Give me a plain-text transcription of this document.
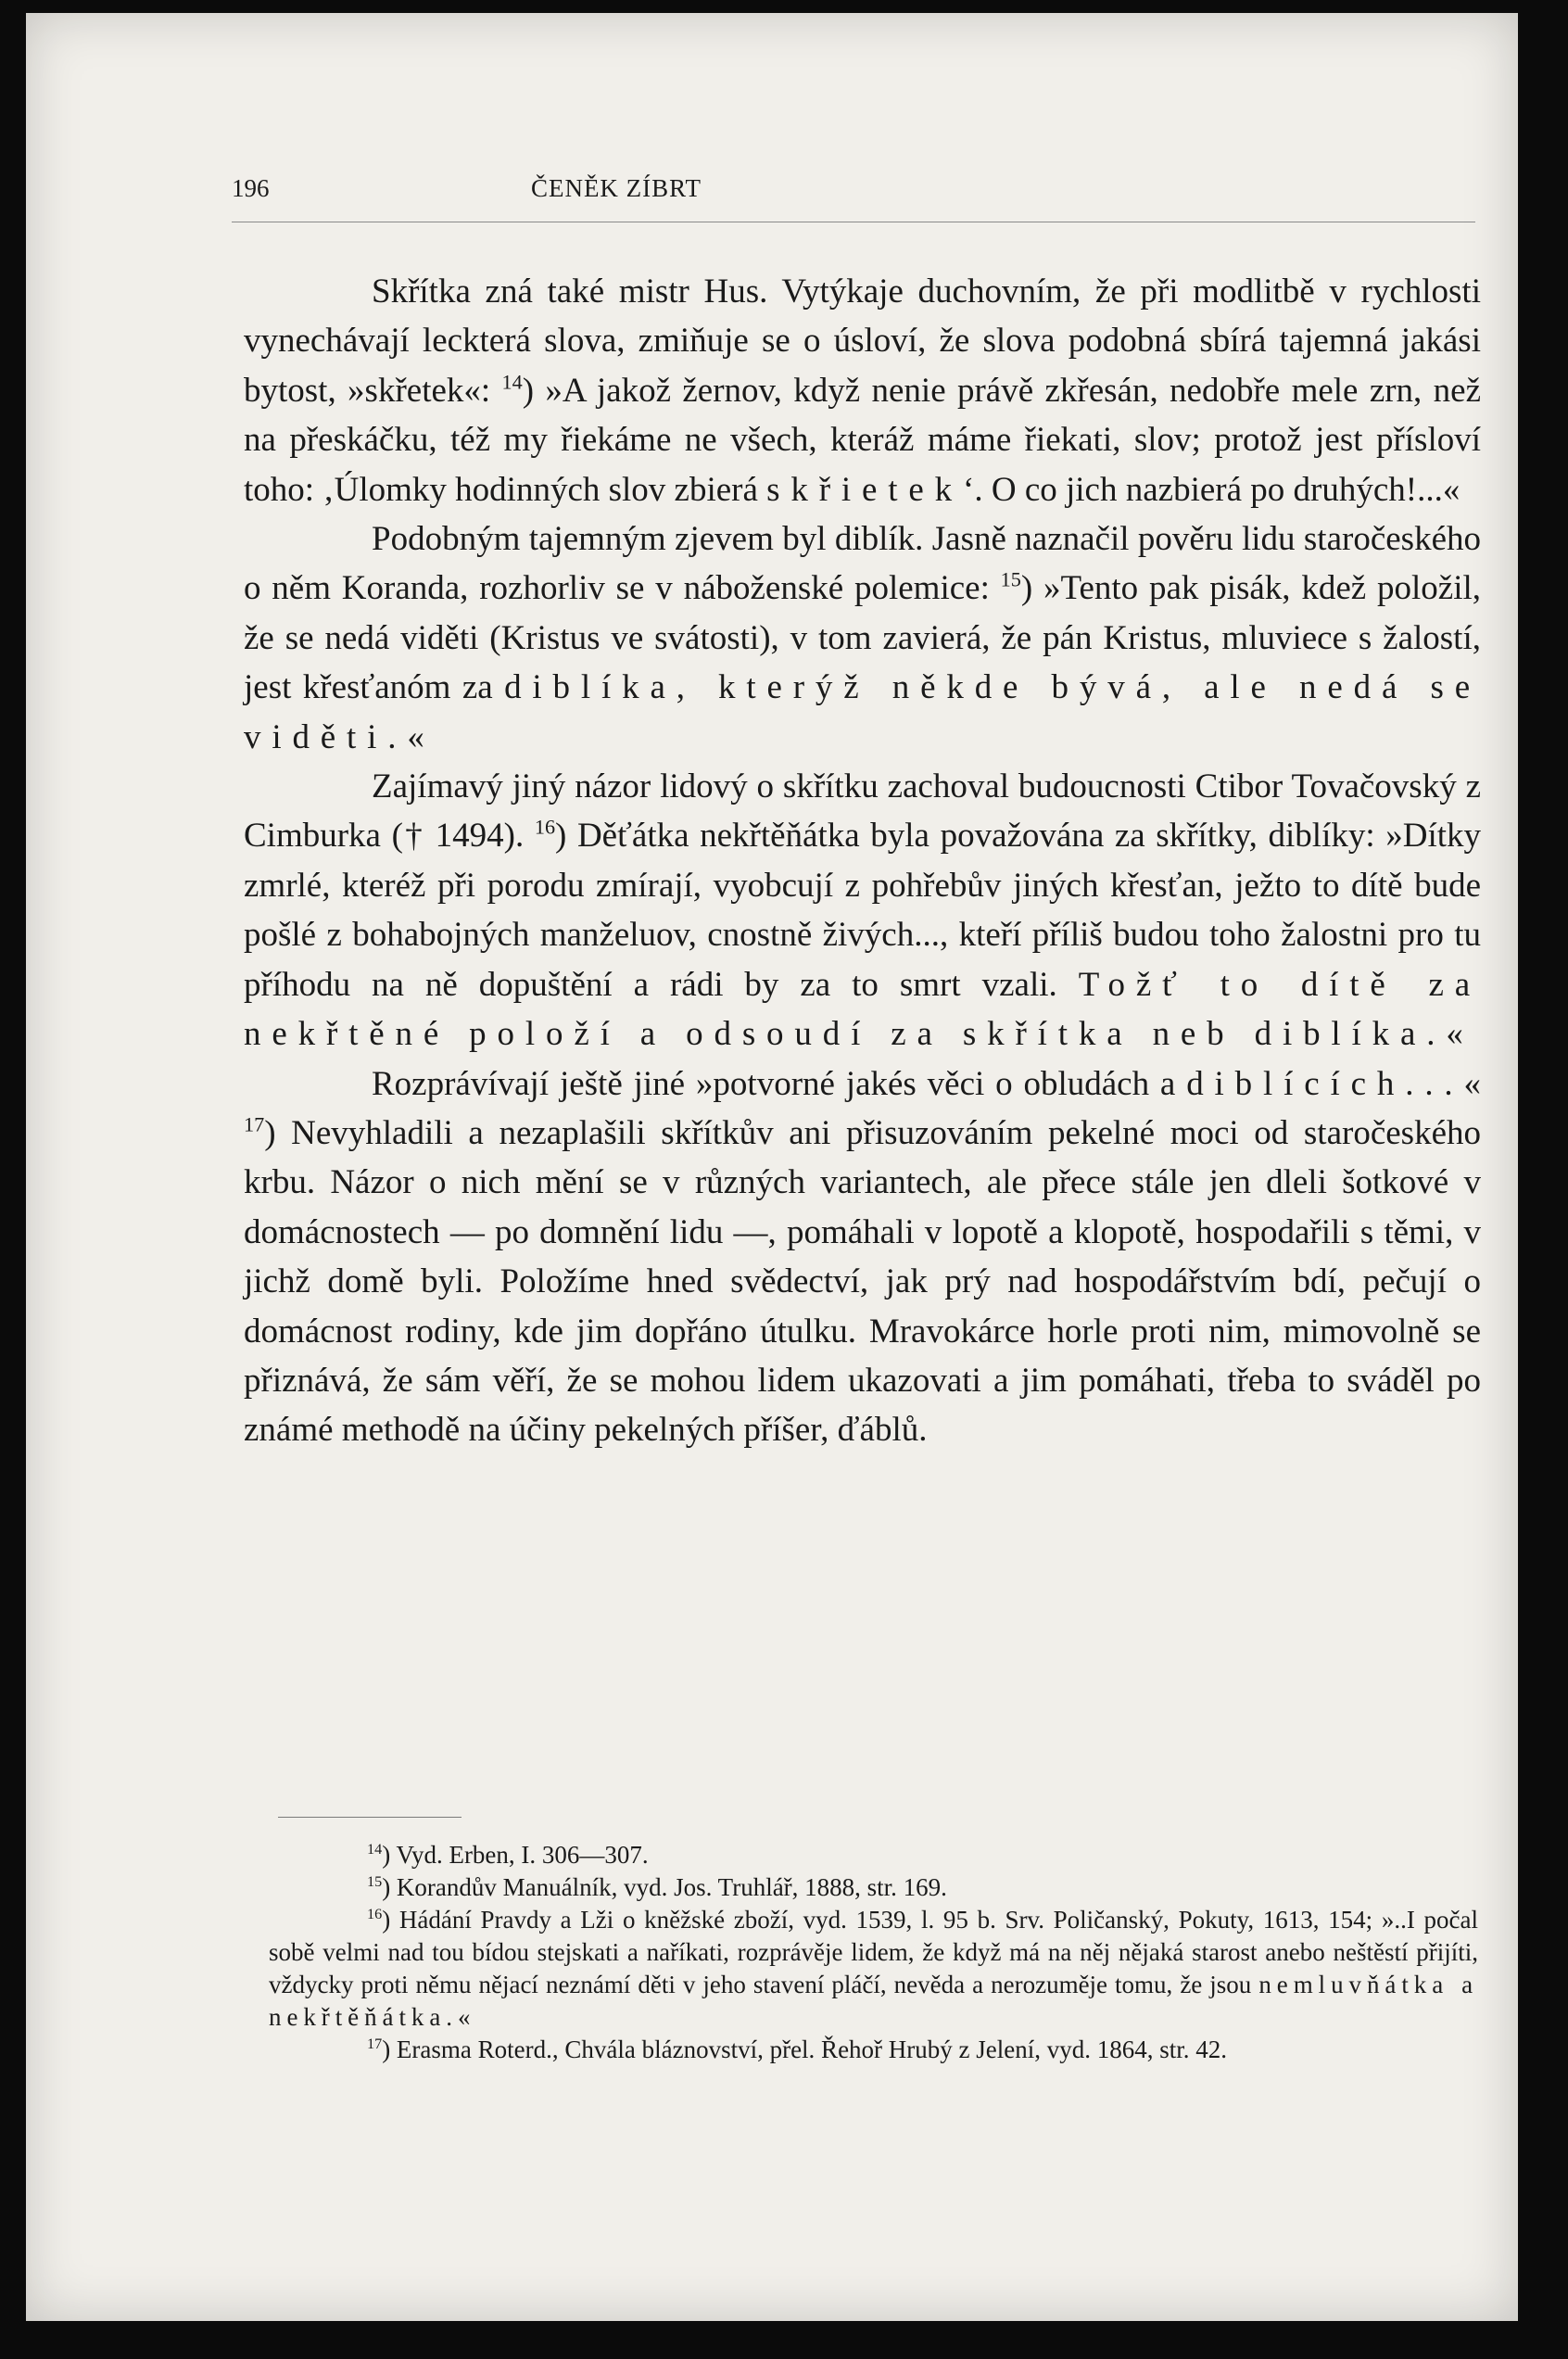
196	ČENĚK ZÍBRT

Skřítka zná také mistr Hus. Vytýkaje duchovním, že při modlitbě v rychlosti vynechávají leckterá slova, zmiňuje se o úsloví, že slova podobná sbírá tajemná jakási bytost, »skřetek«: $^{14}$) »A jakož žernov, když nenie právě zkřesán, nedobře mele zrn, než na přeskáčku, též my řiekáme ne všech, kteráž máme řiekati, slov; protož jest přísloví toho: ‚Úlomky hodinných slov zbierá skřietek‘. O co jich nazbierá po druhých!...«

Podobným tajemným zjevem byl diblík. Jasně naznačil pověru lidu staročeského o něm Koranda, rozhorliv se v náboženské polemice: $^{15}$) »Tento pak pisák, kdež položil, že se nedá viděti (Kristus ve svátosti), v tom zavierá, že pán Kristus, mluviece s žalostí, jest křesťanóm za diblíka, kterýž někde bývá, ale nedá se viděti.«

Zajímavý jiný názor lidový o skřítku zachoval budoucnosti Ctibor Tovačovský z Cimburka († 1494). $^{16}$) Děťátka nekřtěňátka byla považována za skřítky, diblíky: »Dítky zmrlé, kteréž při porodu zmírají, vyobcují z pohřebův jiných křesťan, ježto to dítě bude pošlé z bohabojných manželuov, cnostně živých..., kteří příliš budou toho žalostni pro tu příhodu na ně dopuštění a rádi by za to smrt vzali. Tožť to dítě za nekřtěné položí a odsoudí za skřítka neb diblíka.«

Rozprávívají ještě jiné »potvorné jakés věci o obludách a diblících...« $^{17}$) Nevyhladili a nezaplašili skřítkův ani přisuzováním pekelné moci od staročeského krbu. Názor o nich mění se v různých variantech, ale přece stále jen dleli šotkové v domácnostech — po domnění lidu —, pomáhali v lopotě a klopotě, hospodařili s těmi, v jichž domě byli. Položíme hned svědectví, jak prý nad hospodářstvím bdí, pečují o domácnost rodiny, kde jim dopřáno útulku. Mravokárce horle proti nim, mimovolně se přiznává, že sám věří, že se mohou lidem ukazovati a jim pomáhati, třeba to sváděl po známé methodě na účiny pekelných příšer, ďáblů.

$^{14}$) Vyd. Erben, I. 306—307.

$^{15}$) Korandův Manuálník, vyd. Jos. Truhlář, 1888, str. 169.

$^{16}$) Hádání Pravdy a Lži o kněžské zboží, vyd. 1539, l. 95 b. Srv. Poličanský, Pokuty, 1613, 154; »..I počal sobě velmi nad tou bídou stejskati a naříkati, rozprávěje lidem, že když má na něj nějaká starost anebo neštěstí přijíti, vždycky proti němu nějací neznámí děti v jeho stavení pláčí, nevěda a nerozuměje tomu, že jsou nemluvňátka a nekřtěňátka.«

$^{17}$) Erasma Roterd., Chvála bláznovství, přel. Řehoř Hrubý z Jelení, vyd. 1864, str. 42.
